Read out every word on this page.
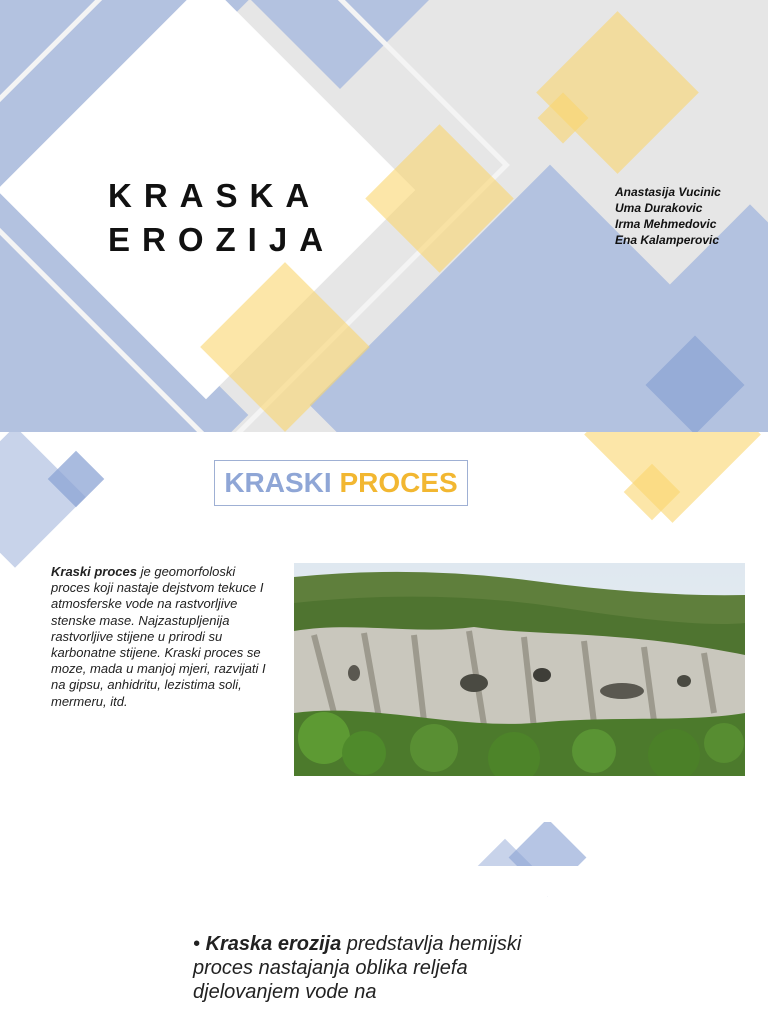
KRASKA
EROZIJA
Anastasija Vucinic
Uma Durakovic
Irma Mehmedovic
Ena Kalamperovic
KRASKI PROCES
Kraski proces je geomorfoloski proces koji nastaje dejstvom tekuce I atmosferske vode na rastvorljive stenske mase. Najzastupljenija rastvorljive stijene u prirodi su karbonatne stijene. Kraski proces se moze, mada u manjoj mjeri, razvijati I na gipsu, anhidritu, lezistima soli, mermeru, itd.
• Kraska erozija predstavlja hemijski proces nastajanja oblika reljefa djelovanjem vode na
